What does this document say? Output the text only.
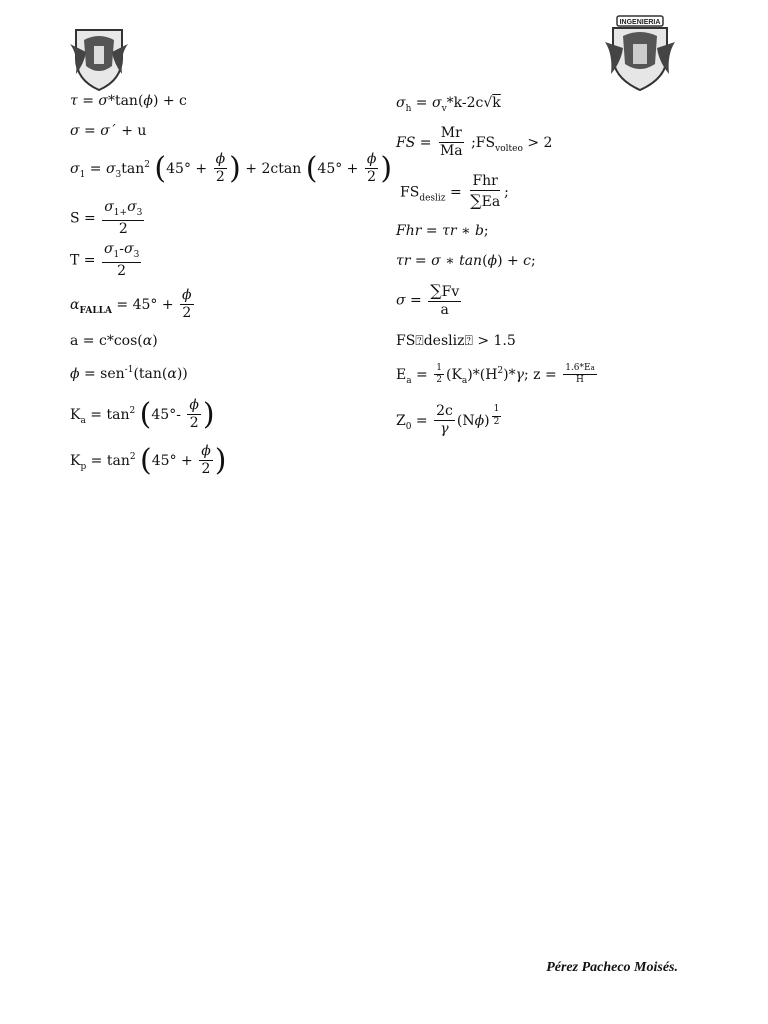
INGENIERIA
τ = σ*tan(ϕ) + c
σ = σ´ + u
$\sigma_1 = \sigma_3\tan^2$ ($45^\circ + \frac{\phi}{2}$ ) + 2ctan ($45^\circ + \frac{\phi}{2}$ )
$S = \frac{\sigma_{1+}\sigma_3}{2}$
$T = \frac{\sigma_1-\sigma_3}{2}$
$\alpha_{FALLA} = 45^\circ + \frac{\phi}{2}$
a = c*cos(α)
ϕ = sen$^{-1}$(tan(α))
$K_a = \tan^2 (45^\circ- \frac{\phi}{2}$ )
$K_p = \tan^2 (45^\circ + \frac{\phi}{2}$ )
$\sigma_h = \sigma_v*k-2c√k$
FS = $\frac{Mr}{Ma}$ $;FS_{volteo} > 2$
$FS_{desliz} = \frac{\text{Fhr}}{\sum Ea}$ ;
Fhr = τr ∗ b;
τr = σ ∗ tan(ϕ) + c;
$\sigma = \frac{\sum Fv}{a}$
FS⍰desliz⍰ > 1.5
$E_a = \frac{1}{2} (K_a)*(H^2)*\gamma$; $z = \frac{1.6*Ea}{H}$
$Z_0 = \frac{2c}{\gamma} (N\phi)$ $^{\frac{1}{2}}$
Pérez Pacheco Moisés.
